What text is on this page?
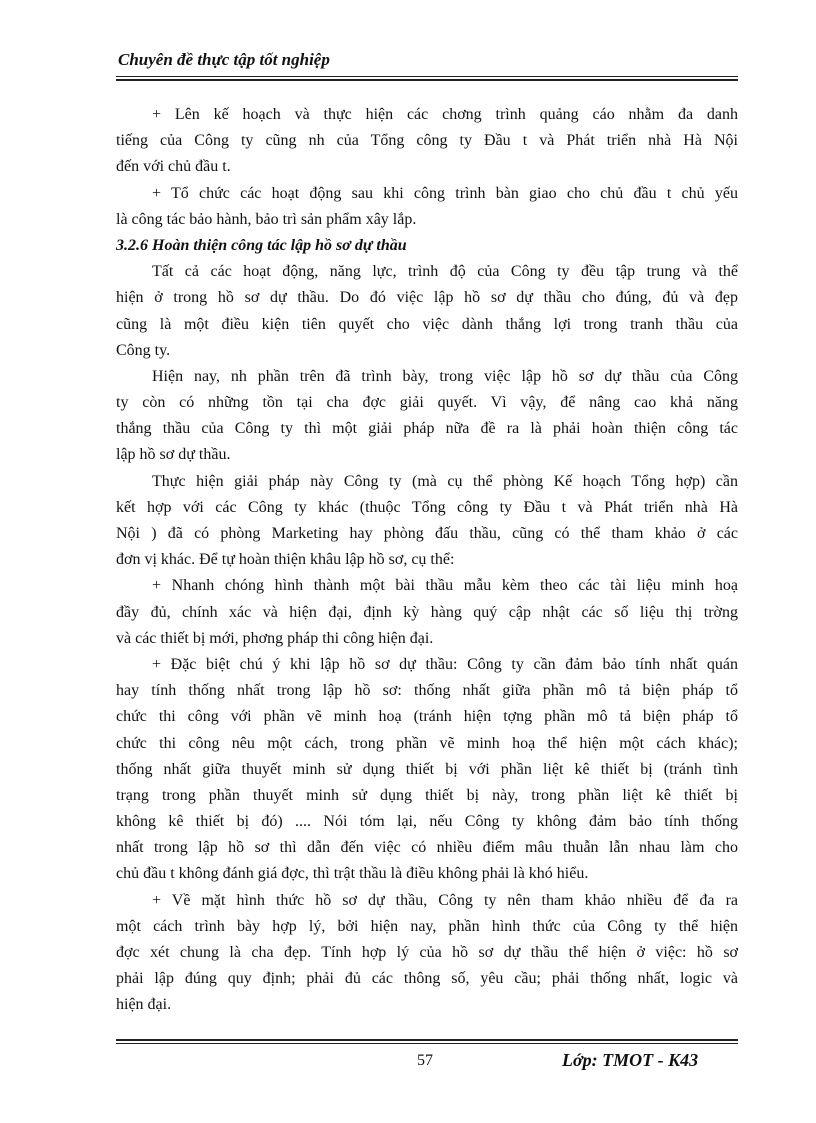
Chuyên đề thực tập tốt nghiệp
+ Lên kế hoạch và thực hiện các chơng trình quảng cáo nhằm đa danh
tiếng của Công ty cũng nh của Tổng công ty Đầu t và Phát triển nhà Hà Nội
đến với chủ đầu t.
+ Tổ chức các hoạt động sau khi công trình bàn giao cho chủ đầu t chủ yếu
là công tác bảo hành, bảo trì sản phẩm xây lắp.
3.2.6 Hoàn thiện công tác lập hồ sơ dự thầu
Tất cả các hoạt động, năng lực, trình độ của Công ty đều tập trung và thể
hiện ở trong hồ sơ dự thầu. Do đó việc lập hồ sơ dự thầu cho đúng, đủ và đẹp
cũng là một điều kiện tiên quyết cho việc dành thắng lợi trong tranh thầu của
Công ty.
Hiện nay, nh phần trên đã trình bày, trong việc lập hồ sơ dự thầu của Công
ty còn có những tồn tại cha đợc giải quyết. Vì vậy, để nâng cao khả năng
thắng thầu của Công ty thì một giải pháp nữa đề ra là phải hoàn thiện công tác
lập hồ sơ dự thầu.
Thực hiện giải pháp này Công ty (mà cụ thể phòng Kế hoạch Tổng hợp) cần
kết hợp với các Công ty khác (thuộc Tổng công ty Đầu t và Phát triển nhà Hà
Nội ) đã có phòng Marketing hay phòng đấu thầu, cũng có thể tham khảo ở các
đơn vị khác. Để tự hoàn thiện khâu lập hồ sơ, cụ thể:
+ Nhanh chóng hình thành một bài thầu mẫu kèm theo các tài liệu minh hoạ
đầy đủ, chính xác và hiện đại, định kỳ hàng quý cập nhật các số liệu thị trờng
và các thiết bị mới, phơng pháp thi công hiện đại.
+ Đặc biệt chú ý khi lập hồ sơ dự thầu: Công ty cần đảm bảo tính nhất quán
hay tính thống nhất trong lập hồ sơ: thống nhất giữa phần mô tả biện pháp tổ
chức thi công với phần vẽ minh hoạ (tránh hiện tợng phần mô tả biện pháp tổ
chức thi công nêu một cách, trong phần vẽ minh hoạ thể hiện một cách khác);
thống nhất giữa thuyết minh sử dụng thiết bị với phần liệt kê thiết bị (tránh tình
trạng trong phần thuyết minh sử dụng thiết bị này, trong phần liệt kê thiết bị
không kê thiết bị đó) .... Nói tóm lại, nếu Công ty không đảm bảo tính thống
nhất trong lập hồ sơ thì dẫn đến việc có nhiều điểm mâu thuẫn lẫn nhau làm cho
chủ đầu t không đánh giá đợc, thì trật thầu là điều không phải là khó hiểu.
+ Về mặt hình thức hồ sơ dự thầu, Công ty nên tham khảo nhiều để đa ra
một cách trình bày hợp lý, bởi hiện nay, phần hình thức của Công ty thể hiện
đợc xét chung là cha đẹp. Tính hợp lý của hồ sơ dự thầu thể hiện ở việc: hồ sơ
phải lập đúng quy định; phải đủ các thông số, yêu cầu; phải thống nhất, logic và
hiện đại.
57	Lớp: TMOT - K43
